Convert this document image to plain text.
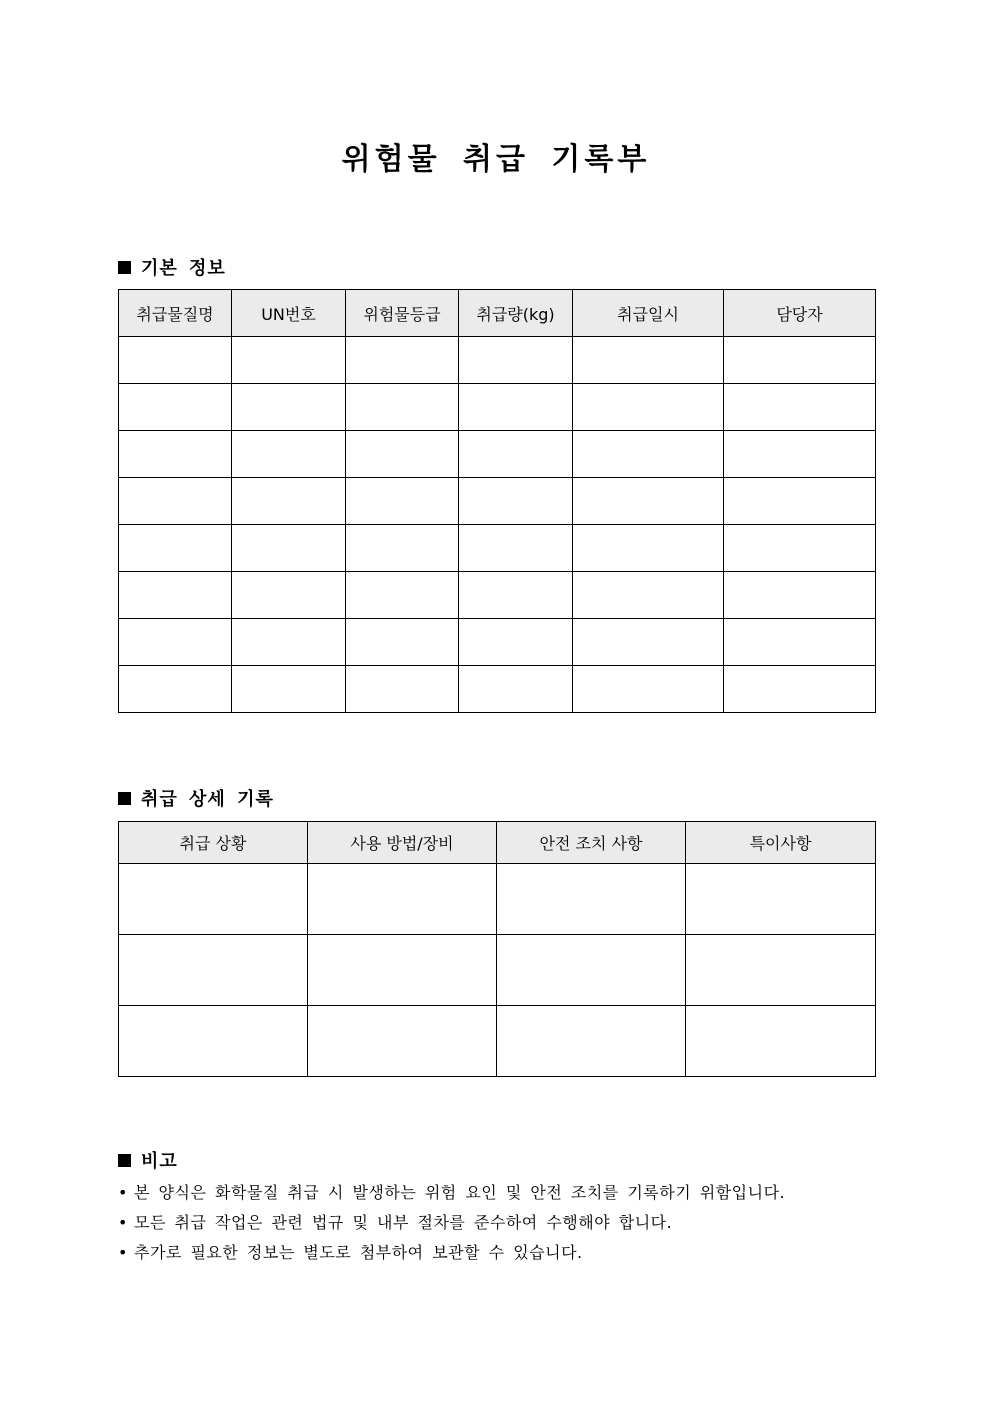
위험물 취급 기록부
기본 정보
취급물질명	UN번호	위험물등급	취급량(kg)	취급일시	담당자

취급 상세 기록
취급 상황	사용 방법/장비	안전 조치 사항	특이사항

비고
• 본 양식은 화학물질 취급 시 발생하는 위험 요인 및 안전 조치를 기록하기 위함입니다.
• 모든 취급 작업은 관련 법규 및 내부 절차를 준수하여 수행해야 합니다.
• 추가로 필요한 정보는 별도로 첨부하여 보관할 수 있습니다.
